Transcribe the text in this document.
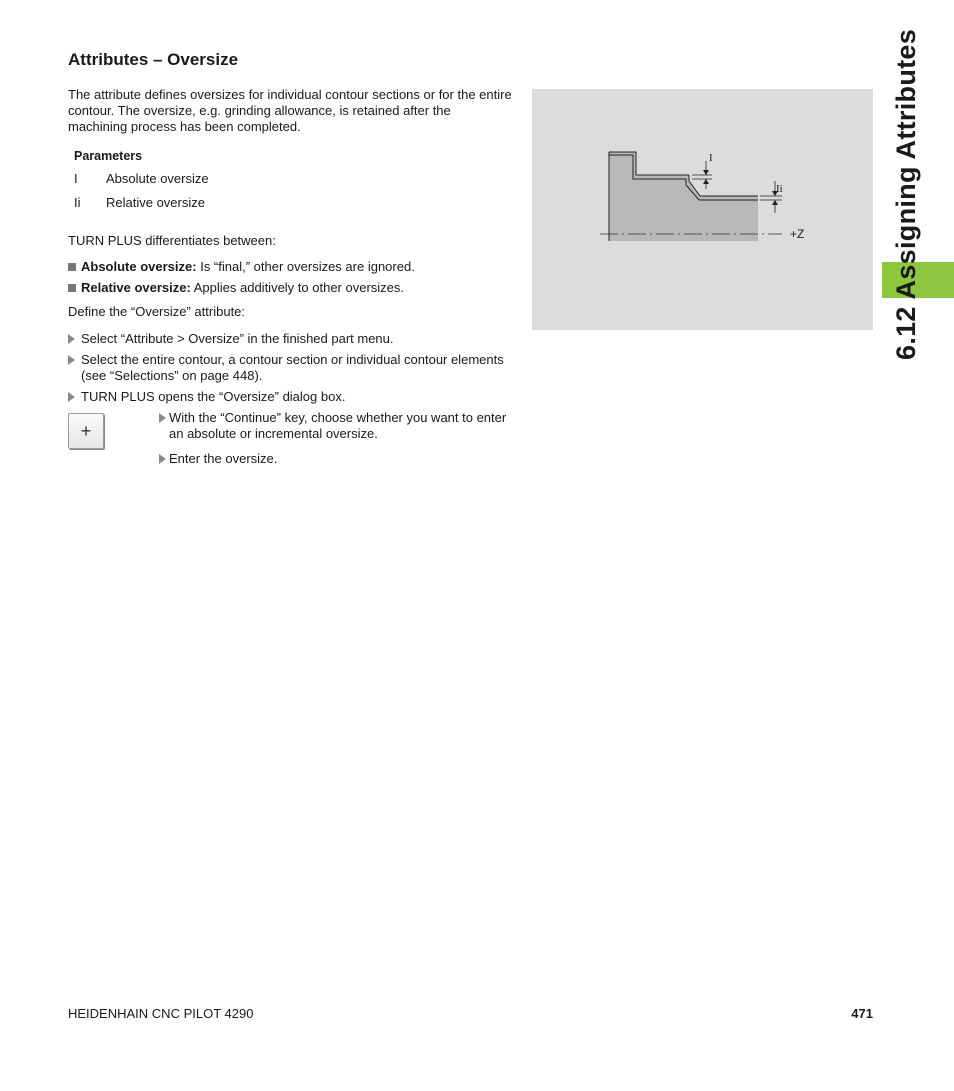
Attributes – Oversize
The attribute defines oversizes for individual contour sections or for the entire contour. The oversize, e.g. grinding allowance, is retained after the machining process has been completed.
Parameters
I	Absolute oversize
Ii	Relative oversize
TURN PLUS differentiates between:
Absolute oversize: Is “final,” other oversizes are ignored.
Relative oversize: Applies additively to other oversizes.
Define the “Oversize” attribute:
Select “Attribute > Oversize” in the finished part menu.
Select the entire contour, a contour section or individual contour elements (see “Selections” on page 448).
TURN PLUS opens the “Oversize” dialog box.
+
With the “Continue” key, choose whether you want to enter an absolute or incremental oversize.
Enter the oversize.
I
Ii
+Z	6.12 Assigning Attributes
HEIDENHAIN CNC PILOT 4290	471
